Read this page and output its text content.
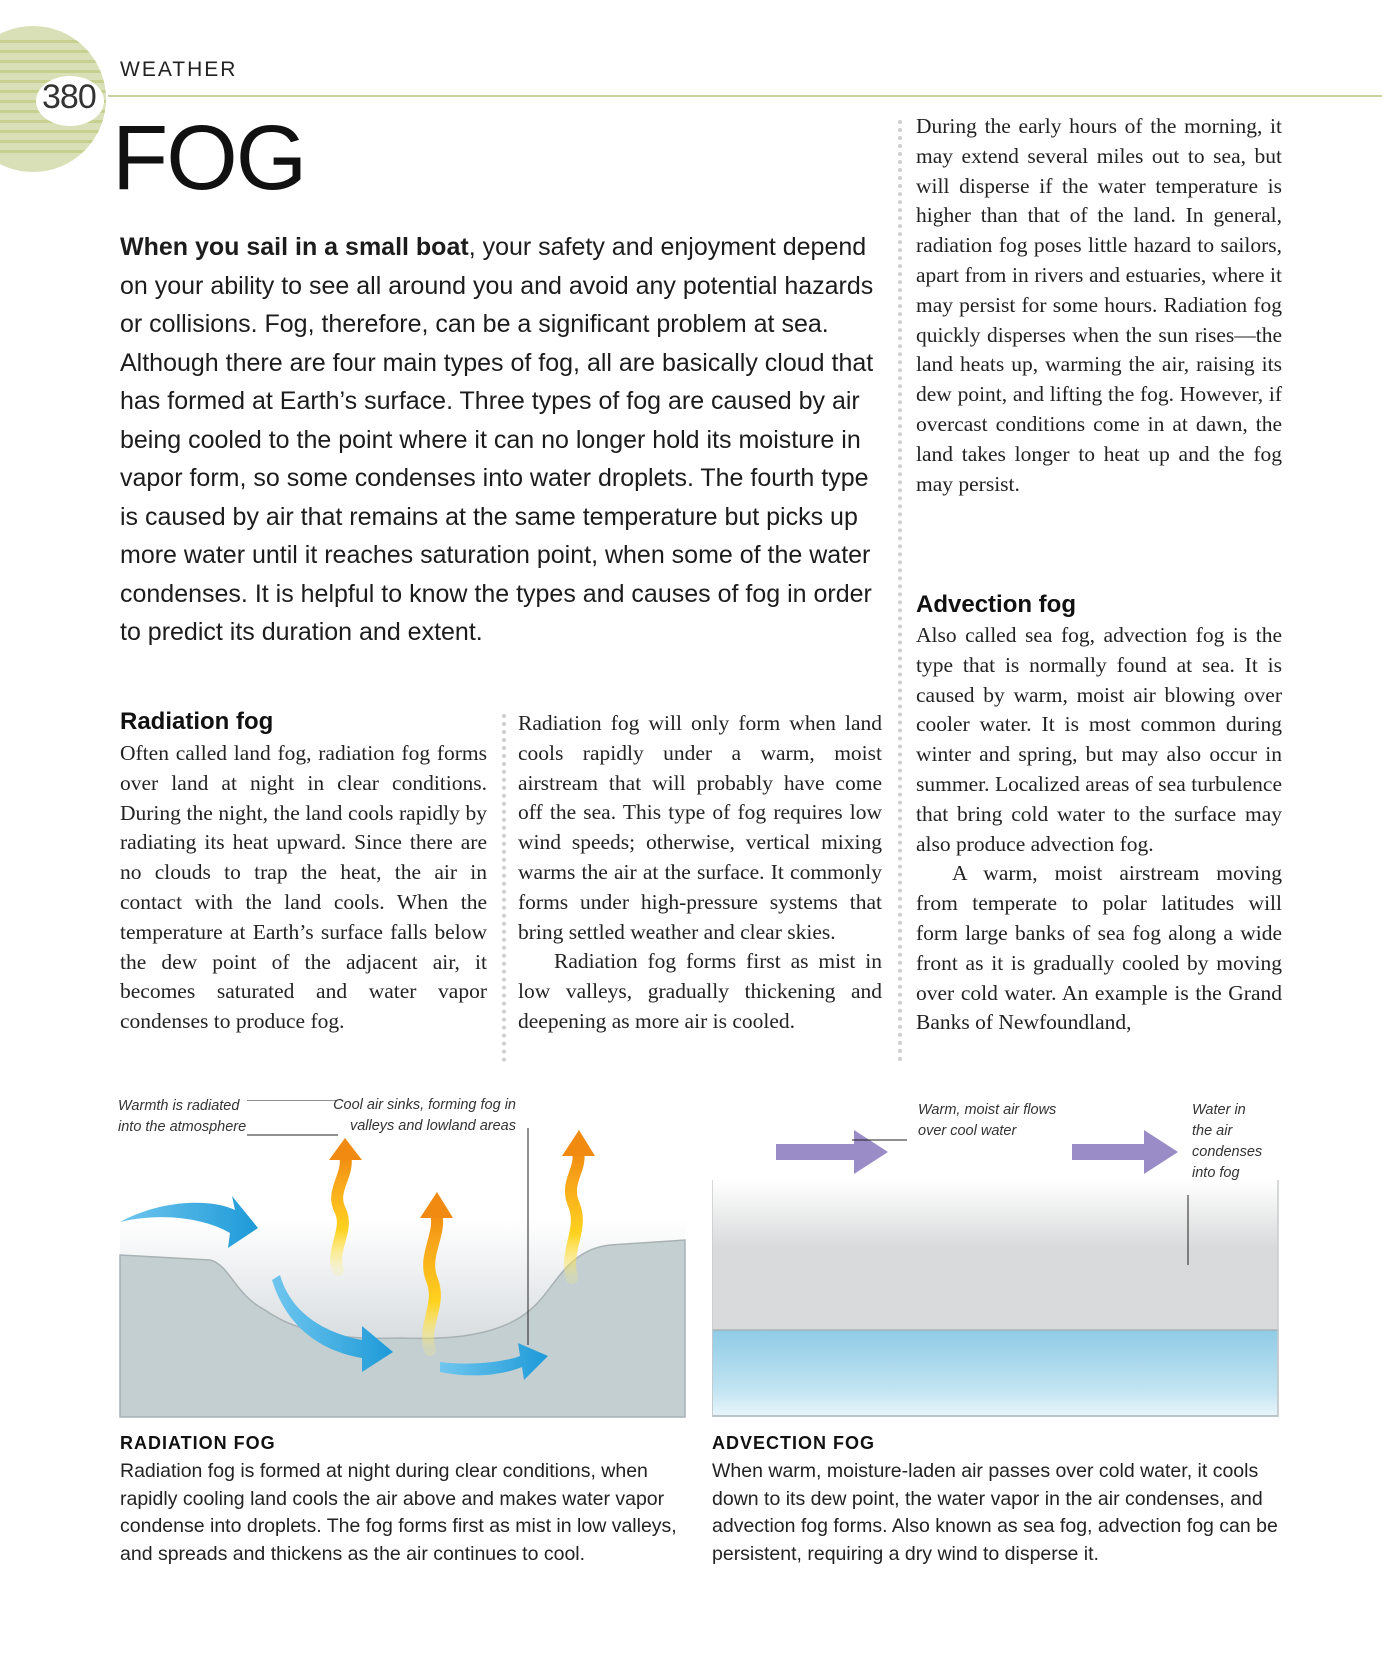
380
WEATHER
FOG

When you sail in a small boat, your safety and enjoyment depend on your ability to see all around you and avoid any potential hazards or collisions. Fog, therefore, can be a significant problem at sea. Although there are four main types of fog, all are basically cloud that has formed at Earth’s surface. Three types of fog are caused by air being cooled to the point where it can no longer hold its moisture in vapor form, so some condenses into water droplets. The fourth type is caused by air that remains at the same temperature but picks up more water until it reaches saturation point, when some of the water condenses. It is helpful to know the types and causes of fog in order to predict its duration and extent.

Radiation fog

Often called land fog, radiation fog forms over land at night in clear conditions. During the night, the land cools rapidly by radiating its heat upward. Since there are no clouds to trap the heat, the air in contact with the land cools. When the temperature at Earth’s surface falls below the dew point of the adjacent air, it becomes saturated and water vapor condenses to produce fog.

Radiation fog will only form when land cools rapidly under a warm, moist airstream that will probably have come off the sea. This type of fog requires low wind speeds; otherwise, vertical mixing warms the air at the surface. It commonly forms under high-pressure systems that bring settled weather and clear skies.
Radiation fog forms first as mist in low valleys, gradually thickening and deepening as more air is cooled.

During the early hours of the morning, it may extend several miles out to sea, but will disperse if the water temperature is higher than that of the land. In general, radiation fog poses little hazard to sailors, apart from in rivers and estuaries, where it may persist for some hours. Radiation fog quickly disperses when the sun rises—the land heats up, warming the air, raising its dew point, and lifting the fog. However, if overcast conditions come in at dawn, the land takes longer to heat up and the fog may persist.

Advection fog
Also called sea fog, advection fog is the type that is normally found at sea. It is caused by warm, moist air blowing over cooler water. It is most common during winter and spring, but may also occur in summer. Localized areas of sea turbulence that bring cold water to the surface may also produce advection fog.
A warm, moist airstream moving from temperate to polar latitudes will form large banks of sea fog along a wide front as it is gradually cooled by moving over cold water. An example is the Grand Banks of Newfoundland,
Warmth is radiated
into the atmosphere
Cool air sinks, forming fog in
valleys and lowland areas
RADIATION FOG
Radiation fog is formed at night during clear conditions, when rapidly cooling land cools the air above and makes water vapor condense into droplets. The fog forms first as mist in low valleys, and spreads and thickens as the air continues to cool.
Warm, moist air flows
over cool water
Water in
the air
condenses
into fog
ADVECTION FOG
When warm, moisture-laden air passes over cold water, it cools down to its dew point, the water vapor in the air condenses, and advection fog forms. Also known as sea fog, advection fog can be persistent, requiring a dry wind to disperse it.
